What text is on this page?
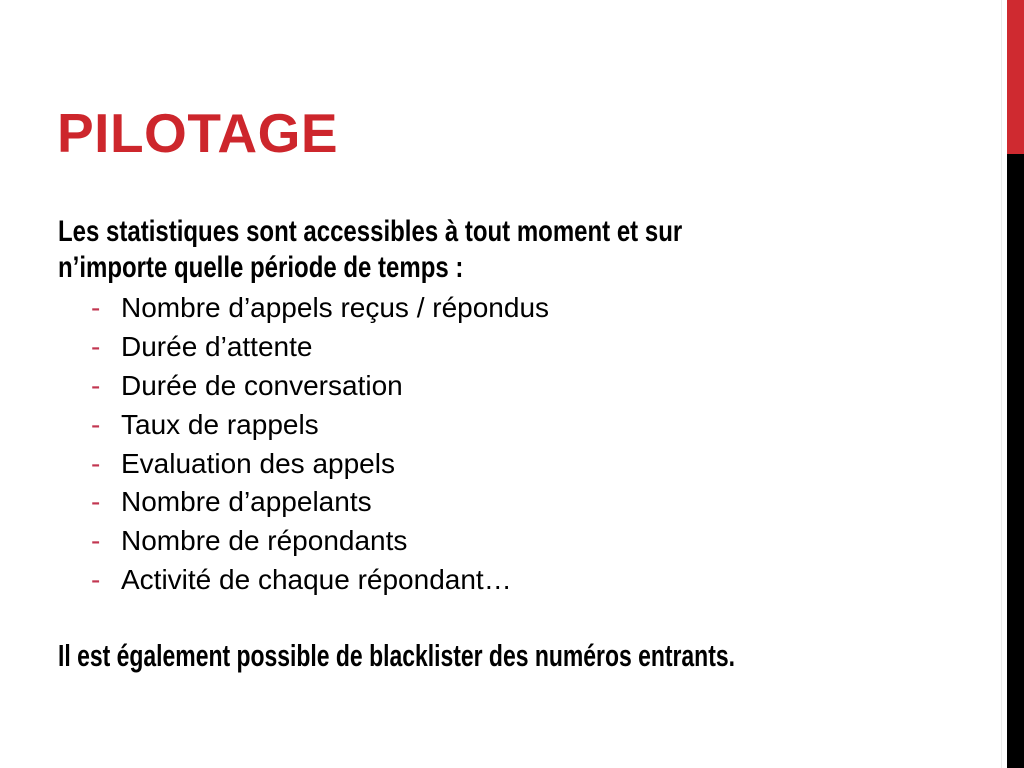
PILOTAGE

Les statistiques sont accessibles à tout moment et sur
n’importe quelle période de temps :

- Nombre d’appels reçus / répondus
- Durée d’attente
- Durée de conversation
- Taux de rappels
- Evaluation des appels
- Nombre d’appelants
- Nombre de répondants
- Activité de chaque répondant…

Il est également possible de blacklister des numéros entrants.
